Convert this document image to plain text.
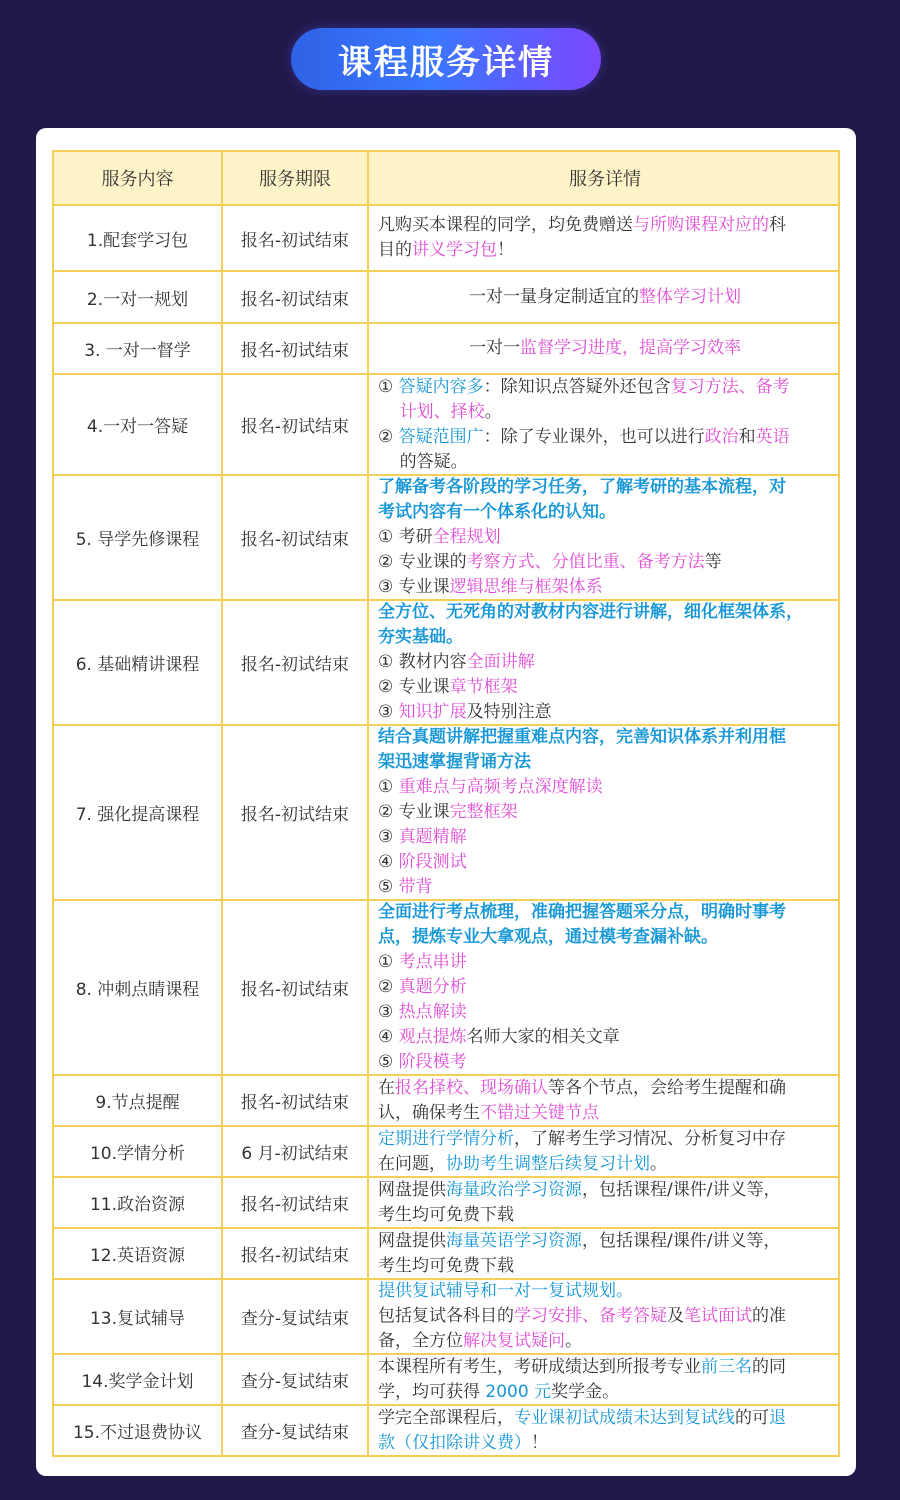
课程服务详情
服务内容	服务期限	服务详情
1.配套学习包	报名-初试结束
凡购买本课程的同学，均免费赠送与所购课程对应的科
目的讲义学习包！
2.一对一规划	报名-初试结束	一对一量身定制适宜的整体学习计划
3. 一对一督学	报名-初试结束	一对一监督学习进度，提高学习效率
4.一对一答疑	报名-初试结束
① 答疑内容多：除知识点答疑外还包含复习方法、备考
计划、择校。
② 答疑范围广：除了专业课外，也可以进行政治和英语
的答疑。
5. 导学先修课程	报名-初试结束
了解备考各阶段的学习任务，了解考研的基本流程，对
考试内容有一个体系化的认知。
① 考研全程规划
② 专业课的考察方式、分值比重、备考方法等
③ 专业课逻辑思维与框架体系
6. 基础精讲课程	报名-初试结束
全方位、无死角的对教材内容进行讲解，细化框架体系，
夯实基础。
① 教材内容全面讲解
② 专业课章节框架
③ 知识扩展及特别注意
7. 强化提高课程	报名-初试结束
结合真题讲解把握重难点内容，完善知识体系并利用框
架迅速掌握背诵方法
① 重难点与高频考点深度解读
② 专业课完整框架
③ 真题精解
④ 阶段测试
⑤ 带背
8. 冲刺点睛课程	报名-初试结束
全面进行考点梳理，准确把握答题采分点，明确时事考
点，提炼专业大拿观点，通过模考查漏补缺。
① 考点串讲
② 真题分析
③ 热点解读
④ 观点提炼名师大家的相关文章
⑤ 阶段模考
9.节点提醒	报名-初试结束
在报名择校、现场确认等各个节点，会给考生提醒和确
认，确保考生不错过关键节点
10.学情分析	6 月-初试结束
定期进行学情分析，了解考生学习情况、分析复习中存
在问题，协助考生调整后续复习计划。
11.政治资源	报名-初试结束
网盘提供海量政治学习资源，包括课程/课件/讲义等，
考生均可免费下载
12.英语资源	报名-初试结束
网盘提供海量英语学习资源，包括课程/课件/讲义等，
考生均可免费下载
13.复试辅导	查分-复试结束
提供复试辅导和一对一复试规划。
包括复试各科目的学习安排、备考答疑及笔试面试的准
备，全方位解决复试疑问。
14.奖学金计划	查分-复试结束
本课程所有考生，考研成绩达到所报考专业前三名的同
学，均可获得 2000 元奖学金。
15.不过退费协议	查分-复试结束
学完全部课程后，专业课初试成绩未达到复试线的可退
款（仅扣除讲义费）！
